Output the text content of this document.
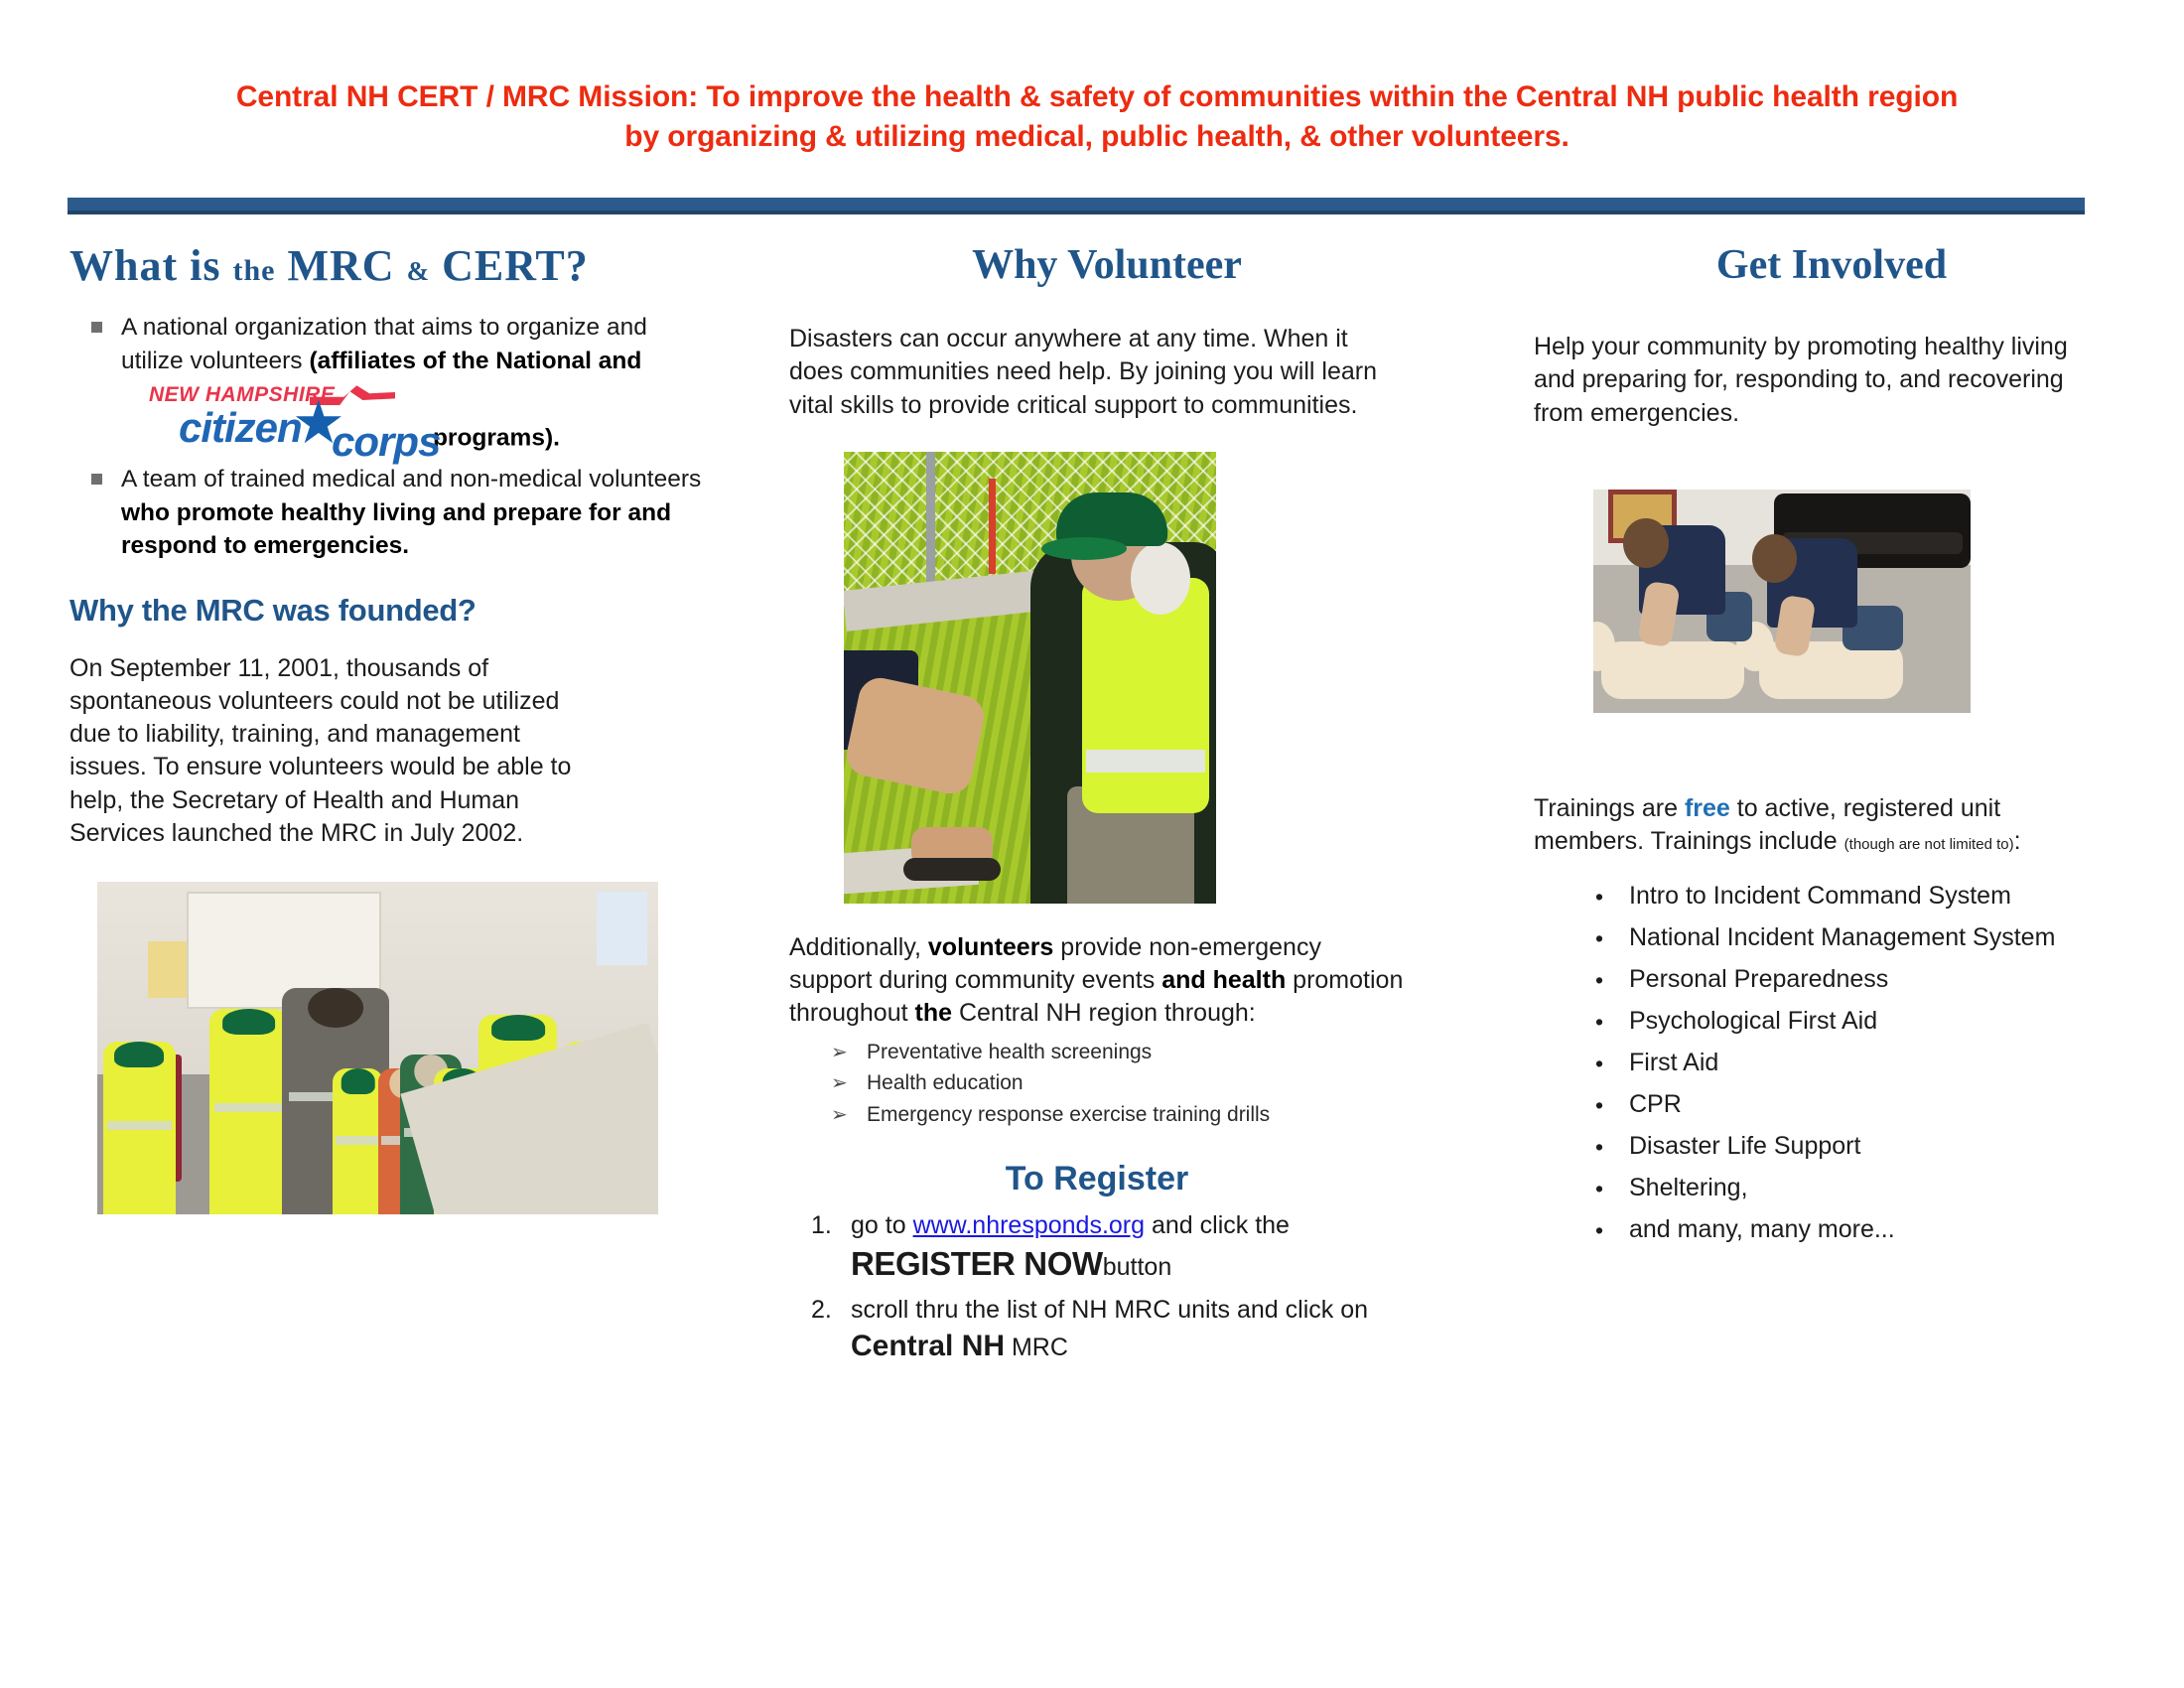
Central NH CERT / MRC Mission: To improve the health & safety of communities within the Central NH public health region
by organizing & utilizing medical, public health, & other volunteers.
What is the MRC & CERT?
A national organization that aims to organize and utilize volunteers (affiliates of the National and
NEW HAMPSHIRE
citizen
★
corps
programs).
A team of trained medical and non-medical volunteers who promote healthy living and prepare for and respond to emergencies.
Why the MRC was founded?

On September 11, 2001, thousands of spontaneous volunteers could not be utilized due to liability, training, and management issues. To ensure volunteers would be able to help, the Secretary of Health and Human Services launched the MRC in July 2002.

Why Volunteer

Disasters can occur anywhere at any time. When it does communities need help. By joining you will learn vital skills to provide critical support to communities.

Additionally, volunteers provide non-emergency support during community events and health promotion throughout the Central NH region through:

➢ Preventative health screenings
➢ Health education
➢ Emergency response exercise training drills
To Register
go to www.nhresponds.org and click the REGISTER NOWbutton
scroll thru the list of NH MRC units and click on Central NH MRC
Get Involved

Help your community by promoting healthy living and preparing for, responding to, and recovering from emergencies.

Trainings are free to active, registered unit members. Trainings include (though are not limited to):

• Intro to Incident Command System
• National Incident Management System
• Personal Preparedness
• Psychological First Aid
• First Aid
• CPR
• Disaster Life Support
• Sheltering,
• and many, many more...
